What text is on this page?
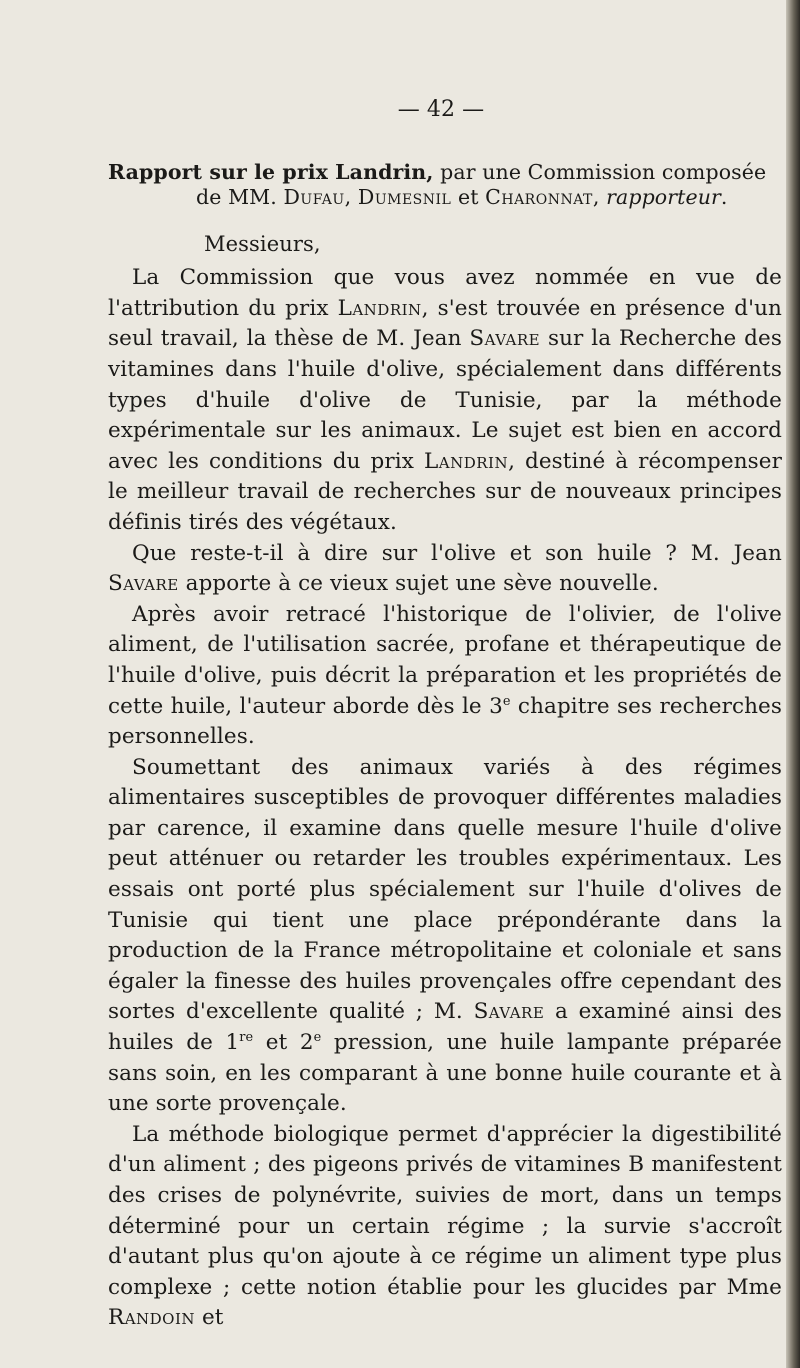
— 42 —
Rapport sur le prix Landrin, par une Commission composée
de MM. Dufau, Dumesnil et Charonnat, rapporteur.
Messieurs,

La Commission que vous avez nommée en vue de l'attribution du prix Landrin, s'est trouvée en présence d'un seul travail, la thèse de M. Jean Savare sur la Recherche des vitamines dans l'huile d'olive, spécialement dans différents types d'huile d'olive de Tunisie, par la méthode expérimentale sur les animaux. Le sujet est bien en accord avec les conditions du prix Landrin, destiné à récompenser le meilleur travail de recherches sur de nouveaux principes définis tirés des végétaux.

Que reste-t-il à dire sur l'olive et son huile ? M. Jean Savare apporte à ce vieux sujet une sève nouvelle.

Après avoir retracé l'historique de l'olivier, de l'olive aliment, de l'utilisation sacrée, profane et thérapeutique de l'huile d'olive, puis décrit la préparation et les propriétés de cette huile, l'auteur aborde dès le 3e chapitre ses recherches personnelles.

Soumettant des animaux variés à des régimes alimentaires susceptibles de provoquer différentes maladies par carence, il examine dans quelle mesure l'huile d'olive peut atténuer ou retarder les troubles expérimentaux. Les essais ont porté plus spécialement sur l'huile d'olives de Tunisie qui tient une place prépondérante dans la production de la France métropolitaine et coloniale et sans égaler la finesse des huiles provençales offre cependant des sortes d'excellente qualité ; M. Savare a examiné ainsi des huiles de 1re et 2e pression, une huile lampante préparée sans soin, en les comparant à une bonne huile courante et à une sorte provençale.

La méthode biologique permet d'apprécier la digestibilité d'un aliment ; des pigeons privés de vitamines B manifestent des crises de polynévrite, suivies de mort, dans un temps déterminé pour un certain régime ; la survie s'accroît d'autant plus qu'on ajoute à ce régime un aliment type plus complexe ; cette notion établie pour les glucides par Mme Randoin et
